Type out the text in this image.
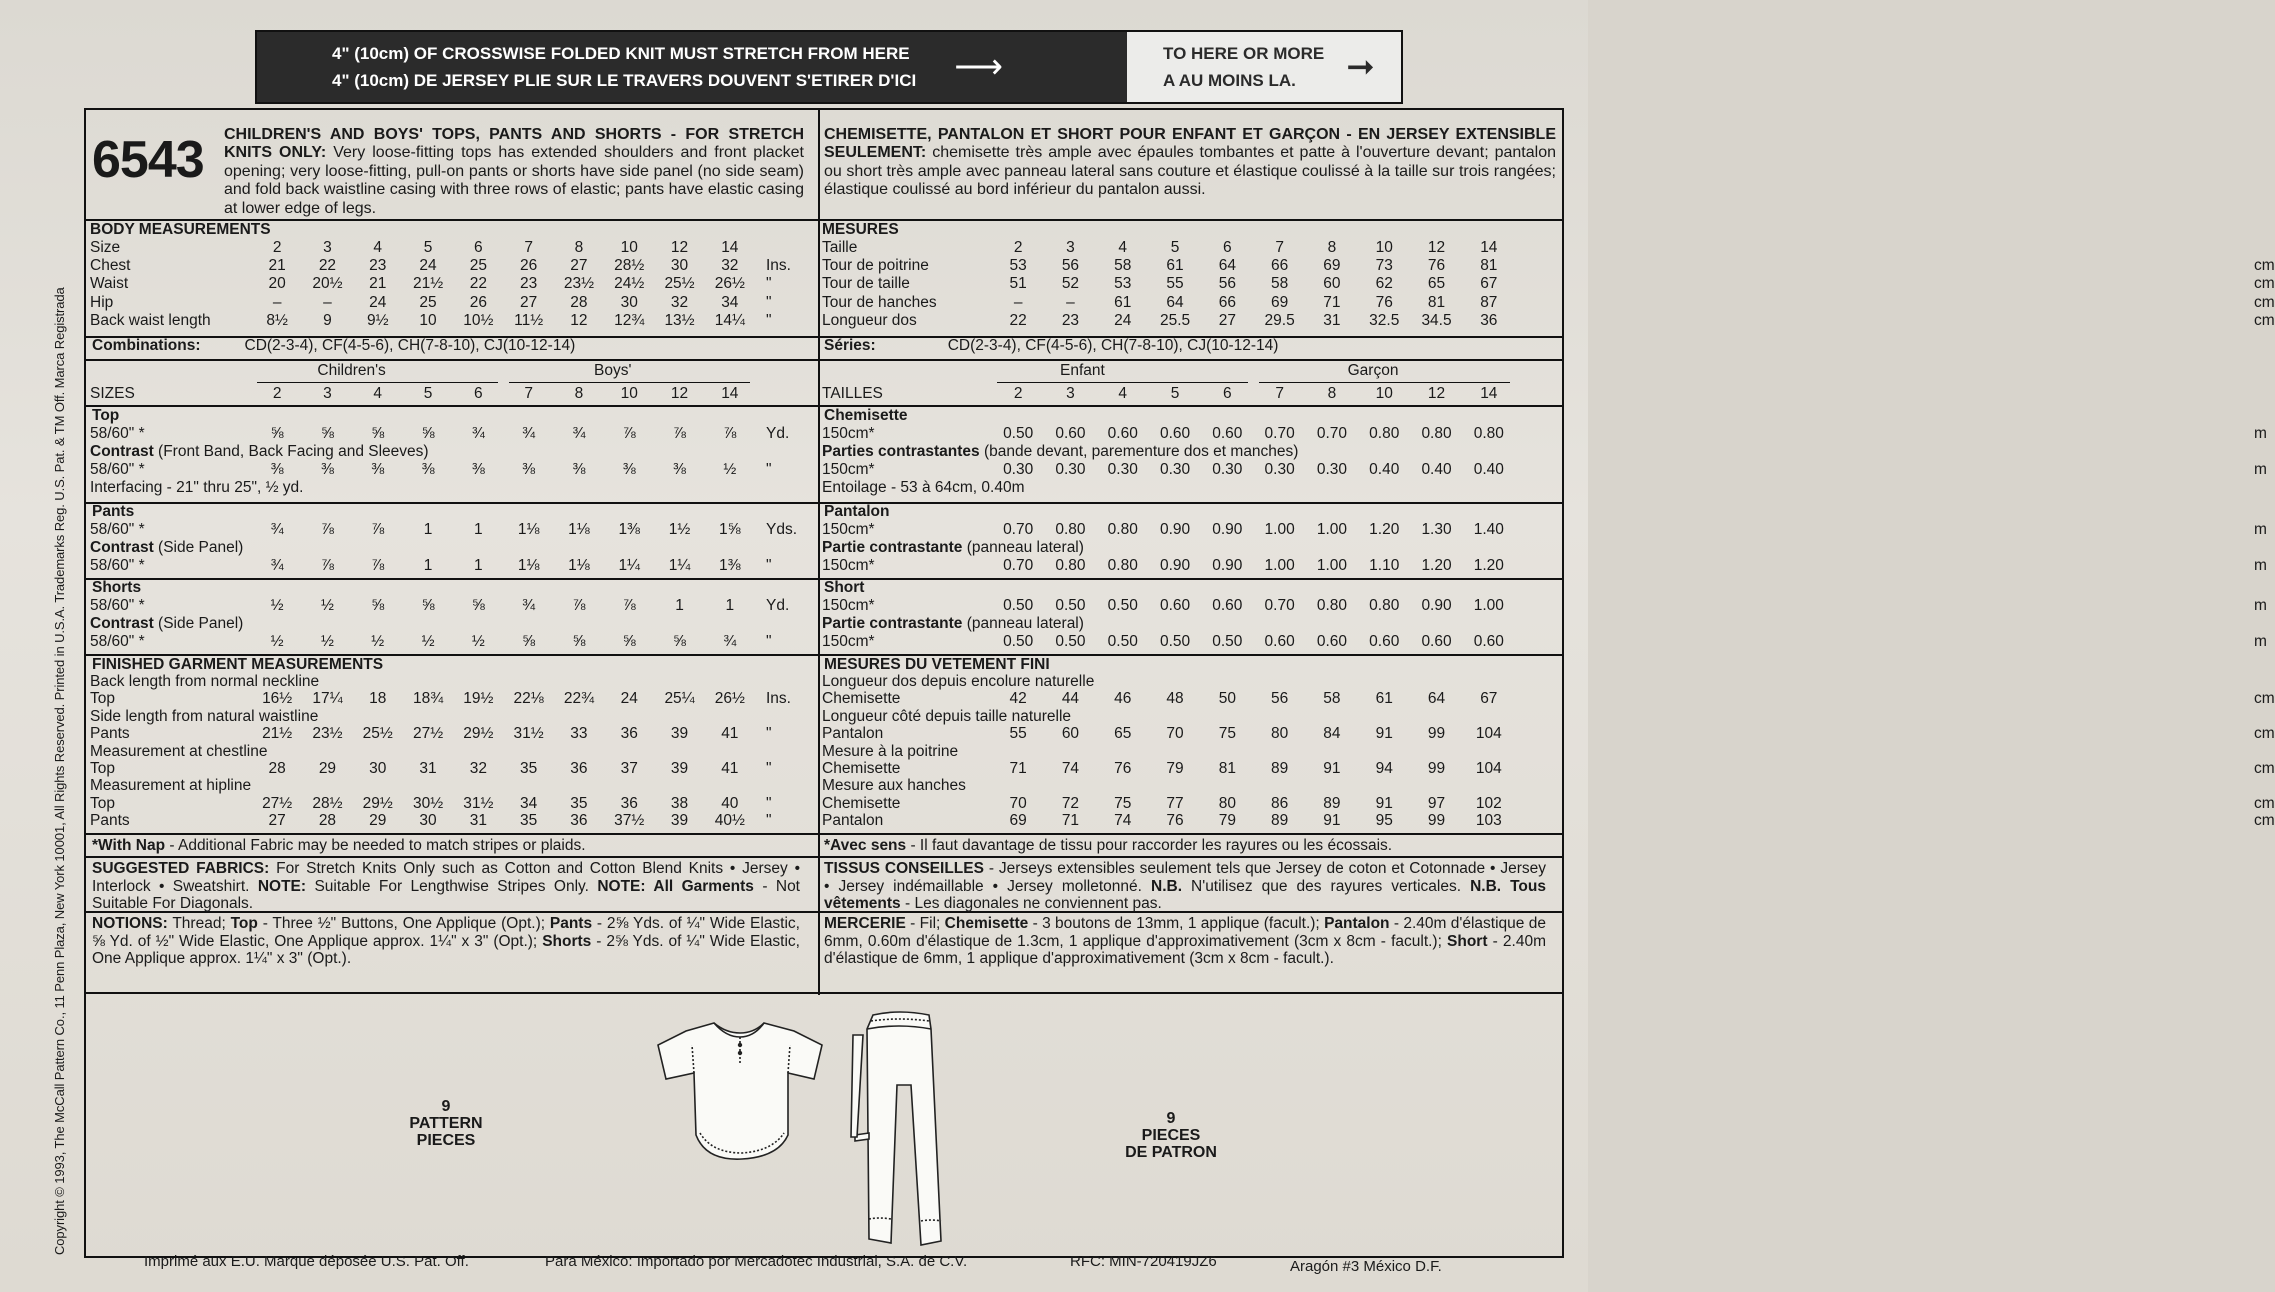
4" (10cm) OF CROSSWISE FOLDED KNIT MUST STRETCH FROM HERE
4" (10cm) DE JERSEY PLIE SUR LE TRAVERS DOUVENT S'ETIRER D'ICI ⟶	TO HERE OR MORE
A AU MOINS LA.	➞
Copyright © 1993, The McCall Pattern Co., 11 Penn Plaza, New York 10001, All Rights Reserved. Printed in U.S.A. Trademarks Reg. U.S. Pat. & TM Off. Marca Registrada
6543 CHILDREN'S AND BOYS' TOPS, PANTS AND SHORTS - FOR STRETCH KNITS ONLY: Very loose-fitting tops has extended shoulders and front placket opening; very loose-fitting, pull-on pants or shorts have side panel (no side seam) and fold back waistline casing with three rows of elastic; pants have elastic casing at lower edge of legs.
CHEMISETTE, PANTALON ET SHORT POUR ENFANT ET GARÇON - EN JERSEY EXTENSIBLE SEULEMENT: chemisette très ample avec épaules tombantes et patte à l'ouverture devant; pantalon ou short très ample avec panneau lateral sans couture et élastique coulissé à la taille sur trois rangées; élastique coulissé au bord inférieur du pantalon aussi.
BODY MEASUREMENTS
Size	2	3	4	5	6	7	8	10	12	14
Chest	21	22	23	24	25	26	27	28½	30	32	Ins.
Waist	20	20½	21	21½	22	23	23½	24½	25½	26½	"
Hip	–	–	24	25	26	27	28	30	32	34	"
Back waist length	8½	9	9½	10	10½	11½	12	12¾	13½	14¼	"
Combinations:	CD(2-3-4), CF(4-5-6), CH(7-8-10), CJ(10-12-14)
Children's	Boys'
SIZES	2	3	4	5	6	7	8	10	12	14
Top
58/60" *	⅝	⅝	⅝	⅝	¾	¾	¾	⅞	⅞	⅞	Yd.
Contrast (Front Band, Back Facing and Sleeves)
58/60" *	⅜	⅜	⅜	⅜	⅜	⅜	⅜	⅜	⅜	½	"
Interfacing - 21" thru 25", ½ yd.
Pants
58/60" *	¾	⅞	⅞	1	1	1⅛	1⅛	1⅜	1½	1⅝	Yds.
Contrast (Side Panel)
58/60" *	¾	⅞	⅞	1	1	1⅛	1⅛	1¼	1¼	1⅜	"
Shorts
58/60" *	½	½	⅝	⅝	⅝	¾	⅞	⅞	1	1	Yd.
Contrast (Side Panel)
58/60" *	½	½	½	½	½	⅝	⅝	⅝	⅝	¾	"
FINISHED GARMENT MEASUREMENTS
Back length from normal neckline
Top	16½	17¼	18	18¾	19½	22⅛	22¾	24	25¼	26½	Ins.
Side length from natural waistline
Pants	21½	23½	25½	27½	29½	31½	33	36	39	41	"
Measurement at chestline
Top	28	29	30	31	32	35	36	37	39	41	"
Measurement at hipline
Top	27½	28½	29½	30½	31½	34	35	36	38	40	"
Pants	27	28	29	30	31	35	36	37½	39	40½	"
*With Nap - Additional Fabric may be needed to match stripes or plaids.
SUGGESTED FABRICS: For Stretch Knits Only such as Cotton and Cotton Blend Knits • Jersey • Interlock • Sweatshirt. NOTE: Suitable For Lengthwise Stripes Only. NOTE: All Garments - Not Suitable For Diagonals.
NOTIONS: Thread; Top - Three ½" Buttons, One Applique (Opt.); Pants - 2⅝ Yds. of ¼" Wide Elastic, ⅝ Yd. of ½" Wide Elastic, One Applique approx. 1¼" x 3" (Opt.); Shorts - 2⅝ Yds. of ¼" Wide Elastic, One Applique approx. 1¼" x 3" (Opt.).
MESURES
Taille	2	3	4	5	6	7	8	10	12	14
Tour de poitrine	53	56	58	61	64	66	69	73	76	81	cm
Tour de taille	51	52	53	55	56	58	60	62	65	67	cm
Tour de hanches	–	–	61	64	66	69	71	76	81	87	cm
Longueur dos	22	23	24	25.5	27	29.5	31	32.5	34.5	36	cm
Séries:	CD(2-3-4), CF(4-5-6), CH(7-8-10), CJ(10-12-14)
Enfant	Garçon
TAILLES	2	3	4	5	6	7	8	10	12	14
Chemisette
150cm*	0.50	0.60	0.60	0.60	0.60	0.70	0.70	0.80	0.80	0.80	m
Parties contrastantes (bande devant, parementure dos et manches)
150cm*	0.30	0.30	0.30	0.30	0.30	0.30	0.30	0.40	0.40	0.40	m
Entoilage - 53 à 64cm, 0.40m
Pantalon
150cm*	0.70	0.80	0.80	0.90	0.90	1.00	1.00	1.20	1.30	1.40	m
Partie contrastante (panneau lateral)
150cm*	0.70	0.80	0.80	0.90	0.90	1.00	1.00	1.10	1.20	1.20	m
Short
150cm*	0.50	0.50	0.50	0.60	0.60	0.70	0.80	0.80	0.90	1.00	m
Partie contrastante (panneau lateral)
150cm*	0.50	0.50	0.50	0.50	0.50	0.60	0.60	0.60	0.60	0.60	m
MESURES DU VETEMENT FINI
Longueur dos depuis encolure naturelle
Chemisette	42	44	46	48	50	56	58	61	64	67	cm
Longueur côté depuis taille naturelle
Pantalon	55	60	65	70	75	80	84	91	99	104	cm
Mesure à la poitrine
Chemisette	71	74	76	79	81	89	91	94	99	104	cm
Mesure aux hanches
Chemisette	70	72	75	77	80	86	89	91	97	102	cm
Pantalon	69	71	74	76	79	89	91	95	99	103	cm
*Avec sens - Il faut davantage de tissu pour raccorder les rayures ou les écossais.
TISSUS CONSEILLES - Jerseys extensibles seulement tels que Jersey de coton et Cotonnade • Jersey • Jersey indémaillable • Jersey molletonné. N.B. N'utilisez que des rayures verticales. N.B. Tous vêtements - Les diagonales ne conviennent pas.
MERCERIE - Fil; Chemisette - 3 boutons de 13mm, 1 applique (facult.); Pantalon - 2.40m d'élastique de 6mm, 0.60m d'élastique de 1.3cm, 1 applique d'approximativement (3cm x 8cm - facult.); Short - 2.40m d'élastique de 6mm, 1 applique d'approximativement (3cm x 8cm - facult.).
9
PATTERN
PIECES
9
PIECES
DE PATRON
Imprimé aux E.U. Marque déposée U.S. Pat. Off.	Para México: Importado por Mercadotec Industrial, S.A. de C.V.	RFC: MIN-720419JZ6	Aragón #3 México D.F.
